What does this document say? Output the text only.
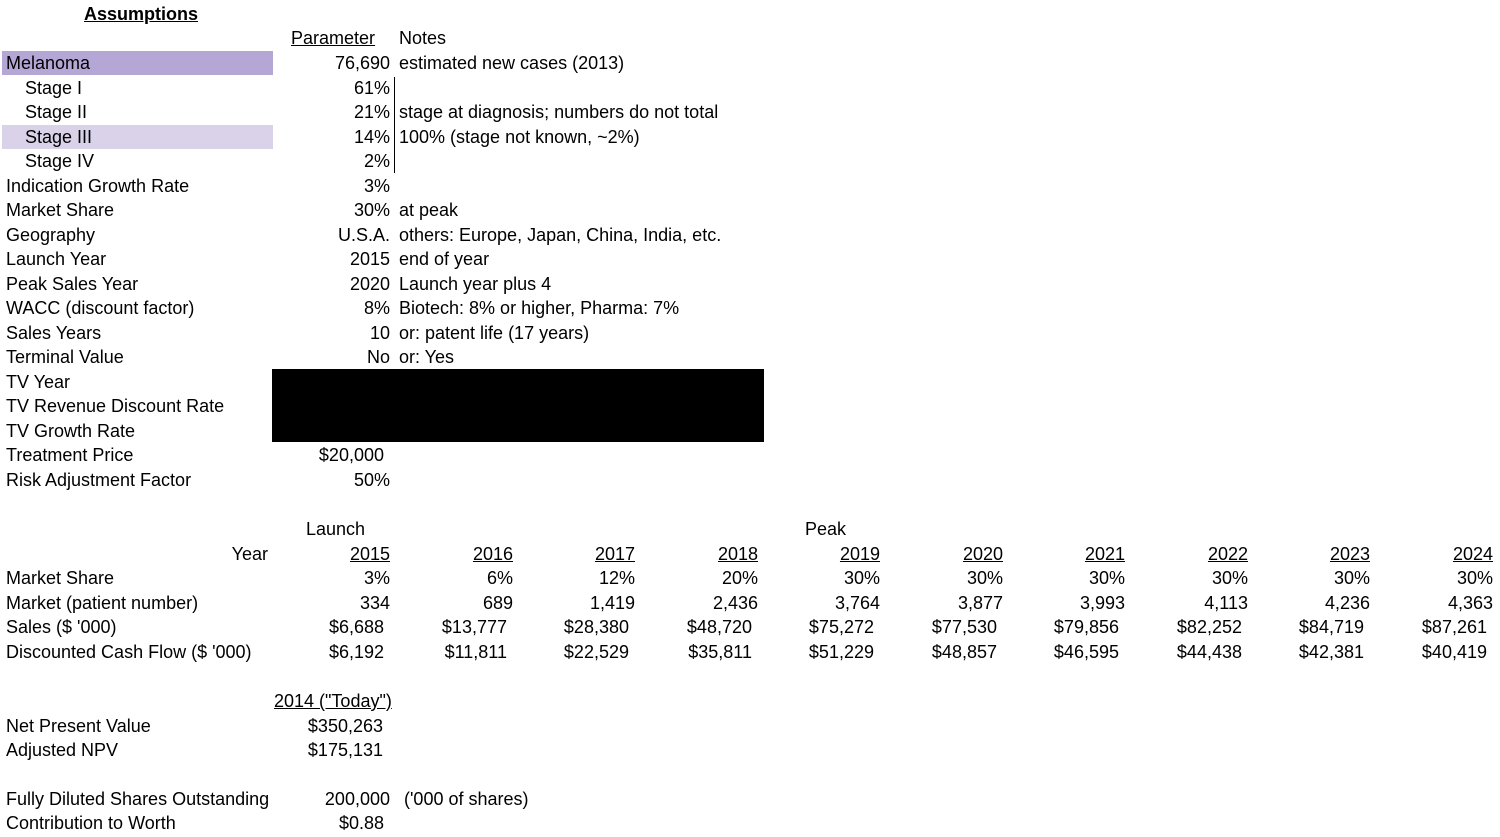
Assumptions
Parameter Notes
Melanoma	76,690 estimated new cases (2013)
Stage I	61%
Stage II	21% stage at diagnosis; numbers do not total
Stage III	14% 100% (stage not known, ~2%)
Stage IV	2%
Indication Growth Rate	3%
Market Share	30% at peak
Geography	U.S.A. others: Europe, Japan, China, India, etc.
Launch Year	2015 end of year
Peak Sales Year	2020 Launch year plus 4
WACC (discount factor)	8% Biotech: 8% or higher, Pharma: 7%
Sales Years	10 or: patent life (17 years)
Terminal Value	No or: Yes
TV Year
TV Revenue Discount Rate
TV Growth Rate
Treatment Price	$20,000
Risk Adjustment Factor	50%
Launch	Peak
Year	2015	2016	2017	2018	2019	2020	2021	2022	2023	2024
Market Share	3%	6%	12%	20%	30%	30%	30%	30%	30%	30%
Market (patient number)	334	689	1,419	2,436	3,764	3,877	3,993	4,113	4,236	4,363
Sales ($ '000)	$6,688	$13,777	$28,380	$48,720	$75,272	$77,530	$79,856	$82,252	$84,719	$87,261
Discounted Cash Flow ($ '000)	$6,192	$11,811	$22,529	$35,811	$51,229	$48,857	$46,595	$44,438	$42,381	$40,419
2014 ("Today")
Net Present Value	$350,263
Adjusted NPV	$175,131
Fully Diluted Shares Outstanding	200,000 ('000 of shares)
Contribution to Worth	$0.88
